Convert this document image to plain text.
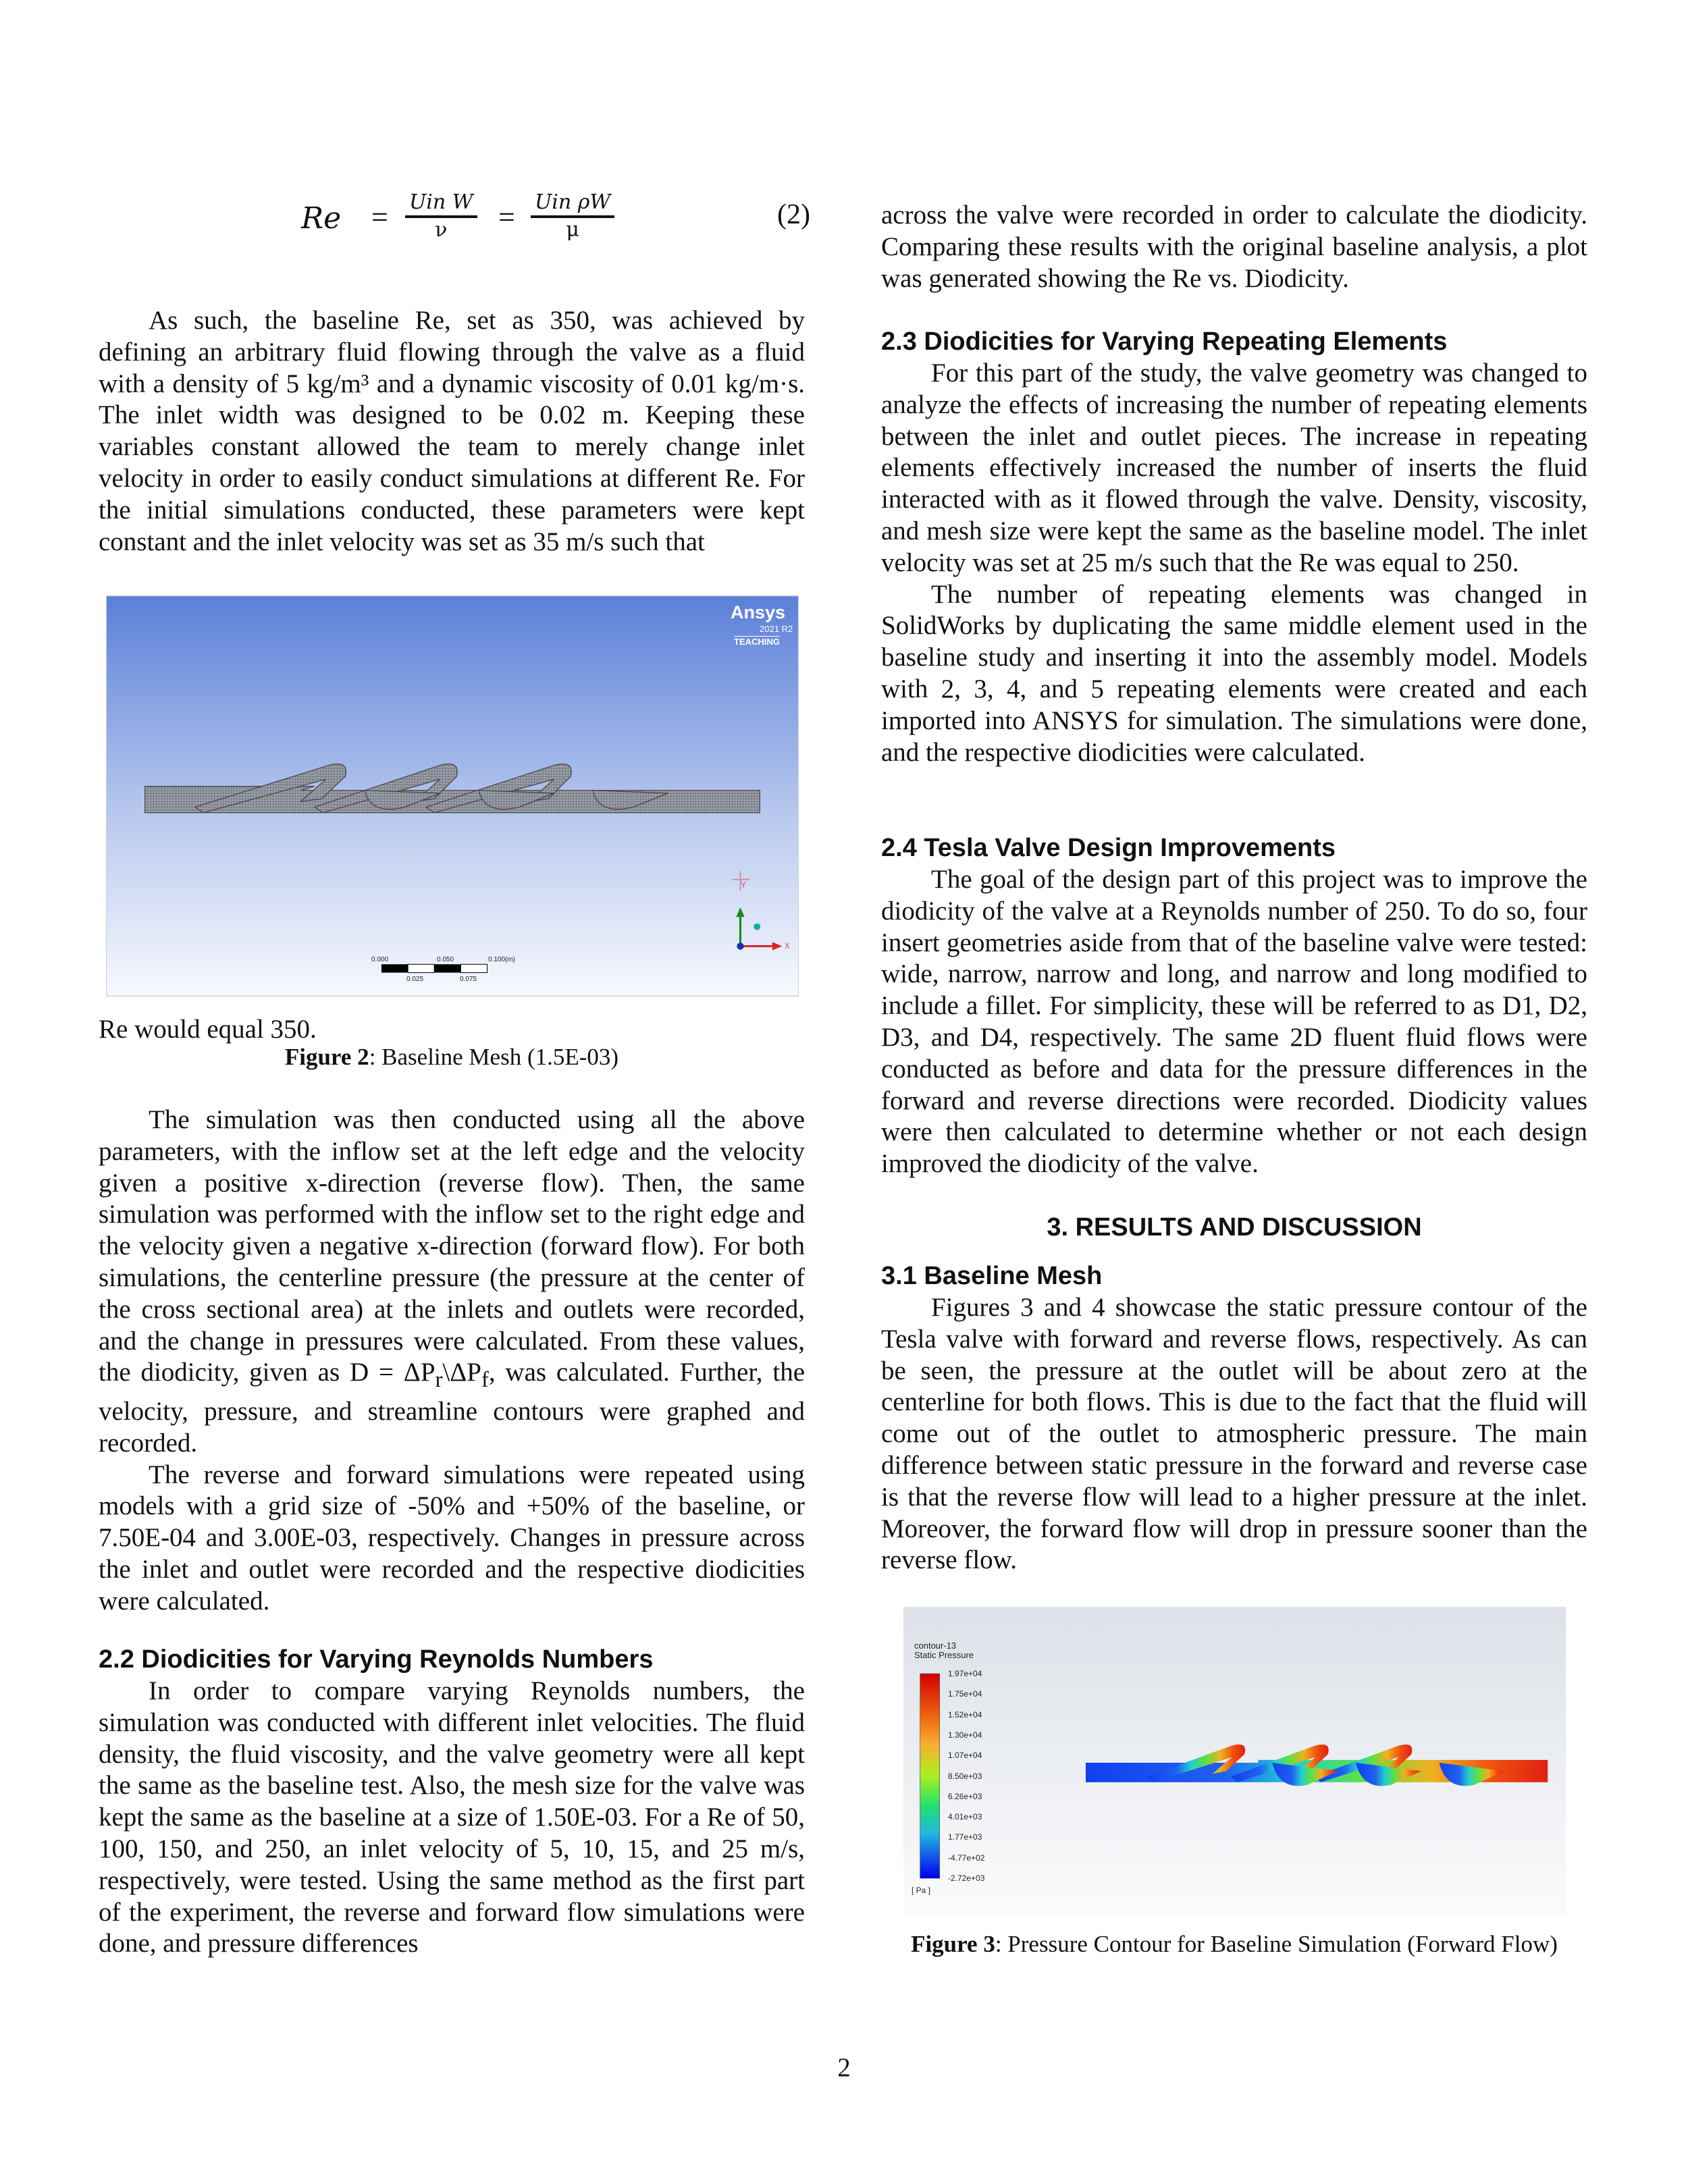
Re = Uin W
ν	= Uin ρW
μ	(2)

As such, the baseline Re, set as 350, was achieved by defining an arbitrary fluid flowing through the valve as a fluid with a density of 5 kg/m³ and a dynamic viscosity of 0.01 kg/m·s. The inlet width was designed to be 0.02 m. Keeping these variables constant allowed the team to merely change inlet velocity in order to easily conduct simulations at different Re. For the initial simulations conducted, these parameters were kept constant and the inlet velocity was set as 35 m/s such that

Ansys
2021 R2
TEACHING
0.000	0.050	0.100(m)
0.025	0.075
X
Y

Re would equal 350.

Figure 2: Baseline Mesh (1.5E-03)

The simulation was then conducted using all the above parameters, with the inflow set at the left edge and the velocity given a positive x-direction (reverse flow). Then, the same simulation was performed with the inflow set to the right edge and the velocity given a negative x-direction (forward flow). For both simulations, the centerline pressure (the pressure at the center of the cross sectional area) at the inlets and outlets were recorded, and the change in pressures were calculated. From these values, the diodicity, given as $D = \Delta P_r\backslash\Delta P_f$, was calculated. Further, the velocity, pressure, and streamline contours were graphed and recorded.

The reverse and forward simulations were repeated using models with a grid size of -50% and +50% of the baseline, or 7.50E-04 and 3.00E-03, respectively. Changes in pressure across the inlet and outlet were recorded and the respective diodicities were calculated.

2.2 Diodicities for Varying Reynolds Numbers

In order to compare varying Reynolds numbers, the simulation was conducted with different inlet velocities. The fluid density, the fluid viscosity, and the valve geometry were all kept the same as the baseline test. Also, the mesh size for the valve was kept the same as the baseline at a size of 1.50E-03. For a Re of 50, 100, 150, and 250, an inlet velocity of 5, 10, 15, and 25 m/s, respectively, were tested. Using the same method as the first part of the experiment, the reverse and forward flow simulations were done, and pressure differences

across the valve were recorded in order to calculate the diodicity. Comparing these results with the original baseline analysis, a plot was generated showing the Re vs. Diodicity.

2.3 Diodicities for Varying Repeating Elements

For this part of the study, the valve geometry was changed to analyze the effects of increasing the number of repeating elements between the inlet and outlet pieces. The increase in repeating elements effectively increased the number of inserts the fluid interacted with as it flowed through the valve. Density, viscosity, and mesh size were kept the same as the baseline model. The inlet velocity was set at 25 m/s such that the Re was equal to 250.

The number of repeating elements was changed in SolidWorks by duplicating the same middle element used in the baseline study and inserting it into the assembly model. Models with 2, 3, 4, and 5 repeating elements were created and each imported into ANSYS for simulation. The simulations were done, and the respective diodicities were calculated.

2.4 Tesla Valve Design Improvements

The goal of the design part of this project was to improve the diodicity of the valve at a Reynolds number of 250. To do so, four insert geometries aside from that of the baseline valve were tested: wide, narrow, narrow and long, and narrow and long modified to include a fillet. For simplicity, these will be referred to as D1, D2, D3, and D4, respectively. The same 2D fluent fluid flows were conducted as before and data for the pressure differences in the forward and reverse directions were recorded. Diodicity values were then calculated to determine whether or not each design improved the diodicity of the valve.

3. RESULTS AND DISCUSSION
3.1 Baseline Mesh

Figures 3 and 4 showcase the static pressure contour of the Tesla valve with forward and reverse flows, respectively. As can be seen, the pressure at the outlet will be about zero at the centerline for both flows. This is due to the fact that the fluid will come out of the outlet to atmospheric pressure. The main difference between static pressure in the forward and reverse case is that the reverse flow will lead to a higher pressure at the inlet. Moreover, the forward flow will drop in pressure sooner than the reverse flow.

contour-13
Static Pressure
1.97e+04
1.75e+04
1.52e+04
1.30e+04
1.07e+04
8.50e+03
6.26e+03
4.01e+03
1.77e+03
-4.77e+02
-2.72e+03
[ Pa ]
Figure 3: Pressure Contour for Baseline Simulation (Forward Flow)
2
